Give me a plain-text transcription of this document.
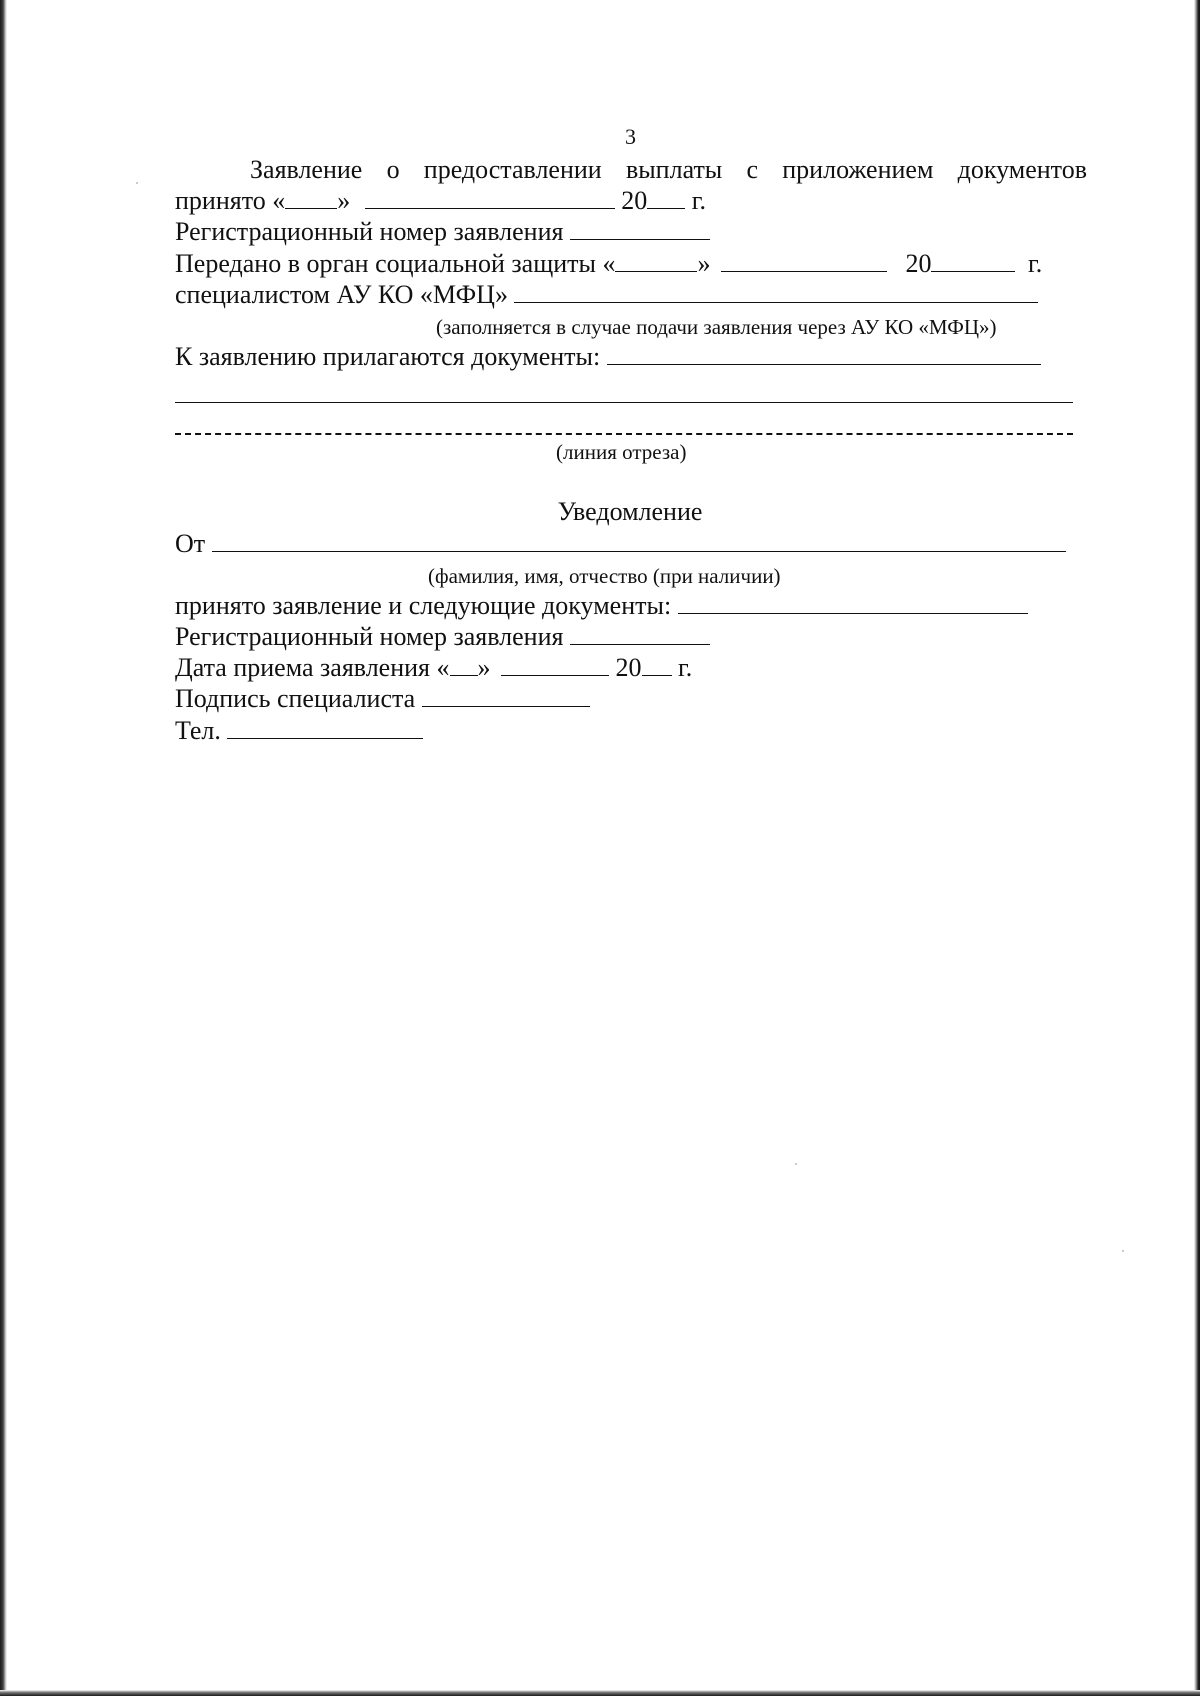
3
Заявление о предоставлении выплаты с приложением документов
принято « »	20 г.
Регистрационный номер заявления
Передано в орган социальной защиты «	»	20	г.
специалистом АУ КО «МФЦ»
(заполняется в случае подачи заявления через АУ КО «МФЦ»)
К заявлению прилагаются документы:
(линия отреза)
Уведомление
От
(фамилия, имя, отчество (при наличии)
принято заявление и следующие документы:
Регистрационный номер заявления
Дата приема заявления « »	20 г.
Подпись специалиста
Тел.
